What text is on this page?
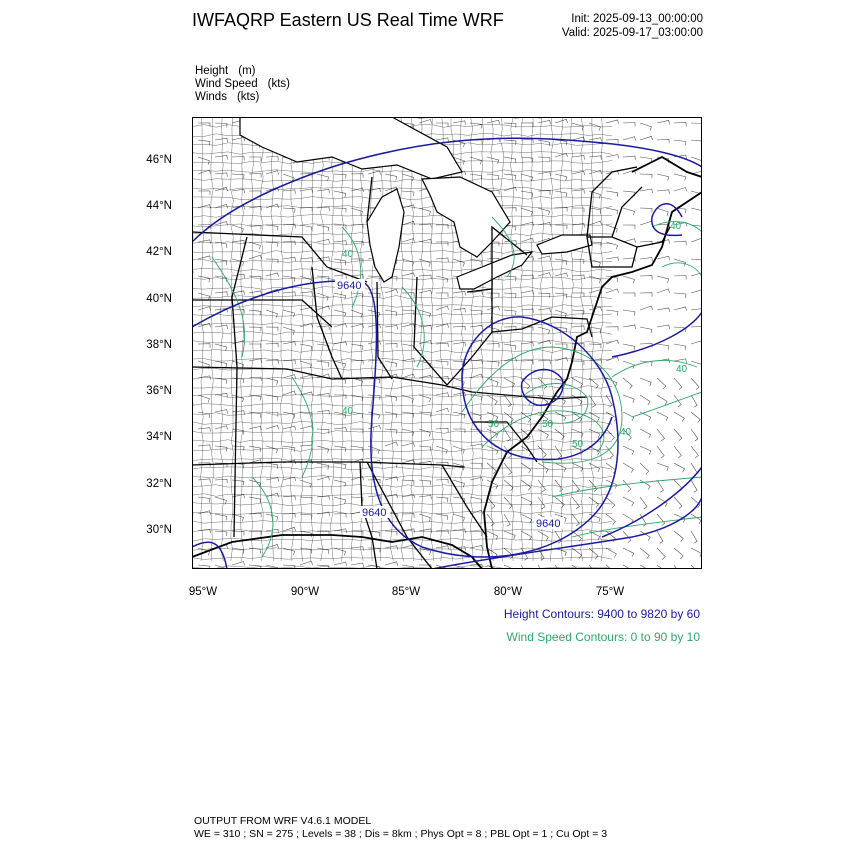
IWFAQRP Eastern US Real Time WRF	Init: 2025-09-13_00:00:00
Valid: 2025-09-17_03:00:00
Height (m)
Wind Speed (kts)
Winds (kts)
9640
9640
9640
40
40
50	50
50
40
40
40
46°N
44°N
42°N
40°N
38°N
36°N
34°N
32°N
30°N
95°W	90°W	85°W	80°W	75°W
Height Contours: 9400 to 9820 by 60
Wind Speed Contours: 0 to 90 by 10
OUTPUT FROM WRF V4.6.1 MODEL
WE = 310 ; SN = 275 ; Levels = 38 ; Dis = 8km ; Phys Opt = 8 ; PBL Opt = 1 ; Cu Opt = 3
